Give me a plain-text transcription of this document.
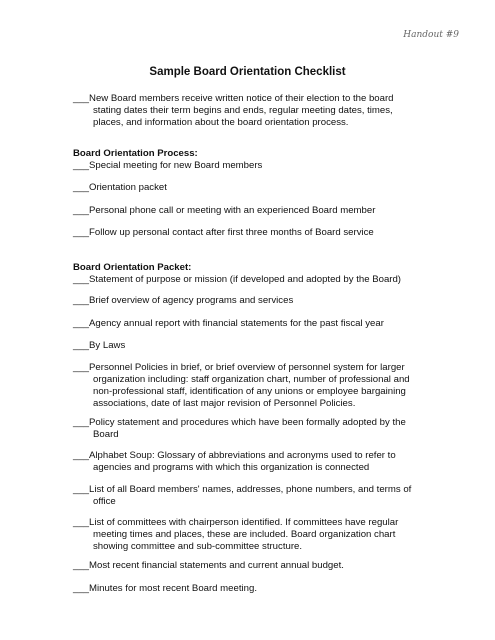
Handout #9
Sample Board Orientation Checklist
___New Board members receive written notice of their election to the board
stating dates their term begins and ends, regular meeting dates, times,
places, and information about the board orientation process.
Board Orientation Process:
___Special meeting for new Board members
___Orientation packet
___Personal phone call or meeting with an experienced Board member
___Follow up personal contact after first three months of Board service
Board Orientation Packet:
___Statement of purpose or mission (if developed and adopted by the Board)
___Brief overview of agency programs and services
___Agency annual report with financial statements for the past fiscal year
___By Laws
___Personnel Policies in brief, or brief overview of personnel system for larger
organization including: staff organization chart, number of professional and
non-professional staff, identification of any unions or employee bargaining
associations, date of last major revision of Personnel Policies.
___Policy statement and procedures which have been formally adopted by the
Board
___Alphabet Soup: Glossary of abbreviations and acronyms used to refer to
agencies and programs with which this organization is connected
___List of all Board members' names, addresses, phone numbers, and terms of
office
___List of committees with chairperson identified. If committees have regular
meeting times and places, these are included. Board organization chart
showing committee and sub-committee structure.
___Most recent financial statements and current annual budget.
___Minutes for most recent Board meeting.
